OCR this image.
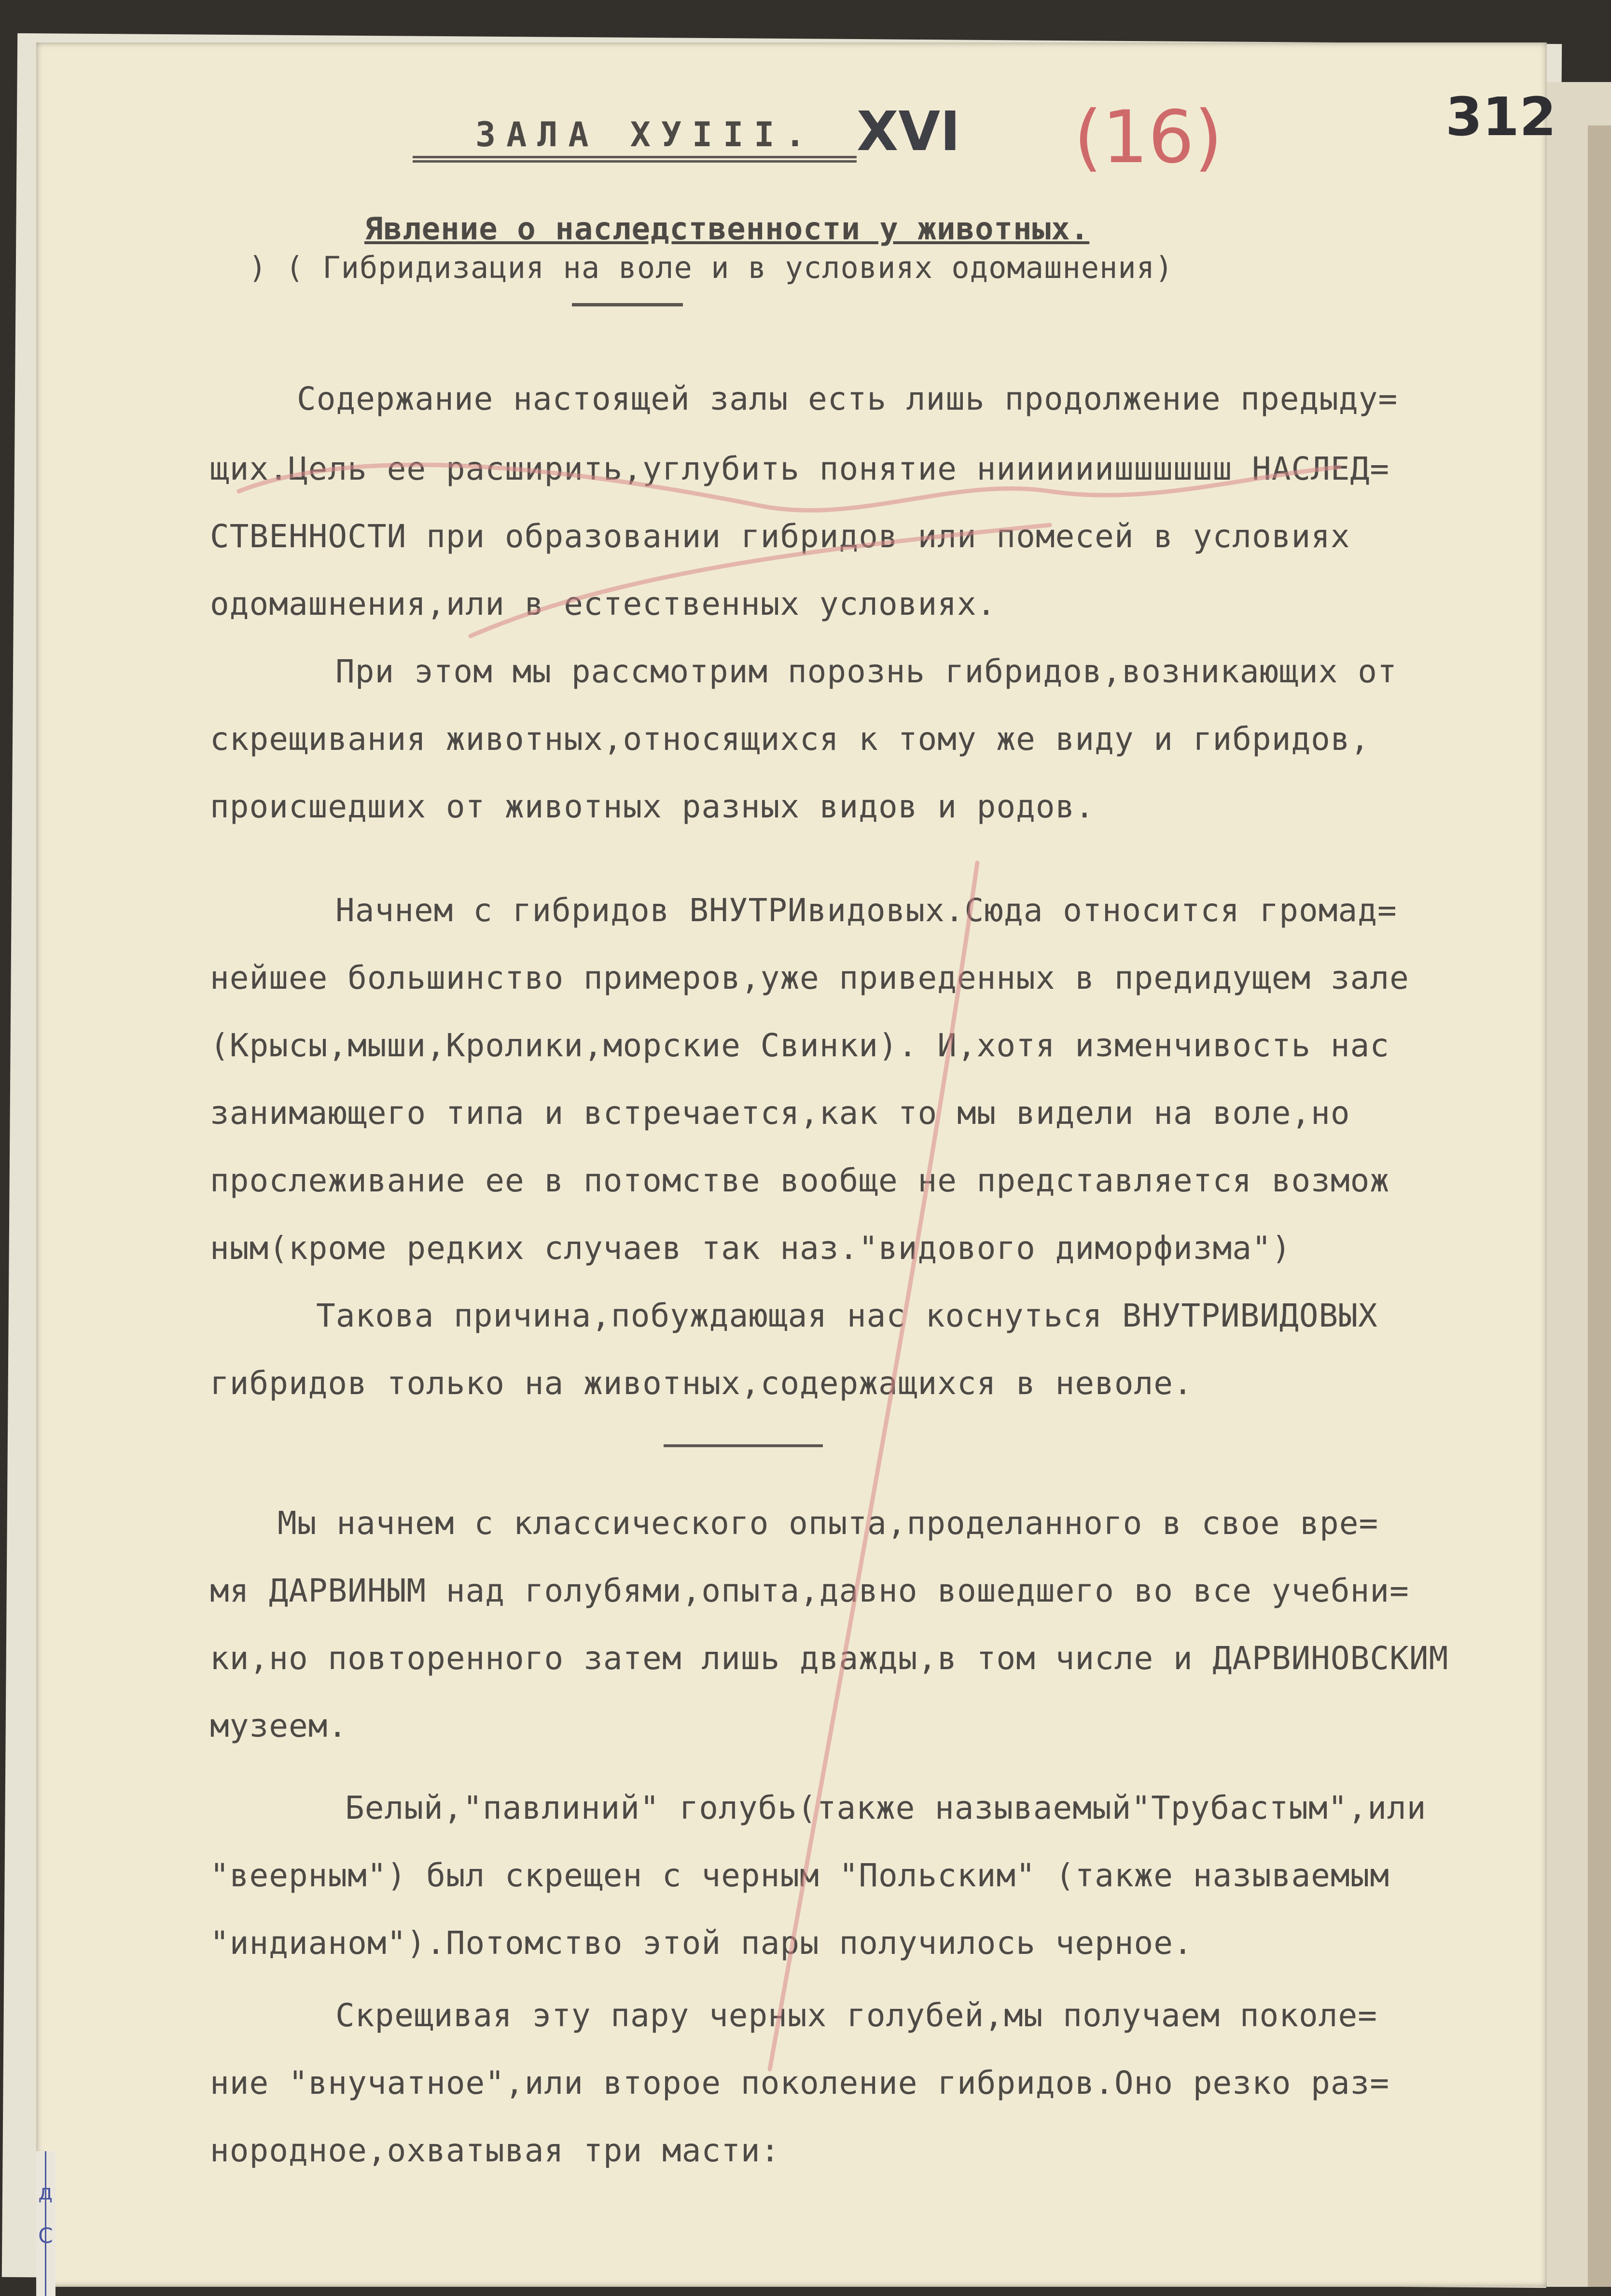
ЗАЛА ХУIII. XVI (16)	312
Явление о наследственности у животных.
) ( Гибридизация на воле и в условиях одомашнения)
Содержание настоящей залы есть лишь продолжение предыду=
щих.Цель ее расширить,углубить понятие ниииииишшшшшш НАСЛЕД=
СТВЕННОСТИ при образовании гибридов или помесей в условиях
одомашнения,или в естественных условиях.
При этом мы рассмотрим порознь гибридов,возникающих от
скрещивания животных,относящихся к тому же виду и гибридов,
происшедших от животных разных видов и родов.
Начнем с гибридов ВНУТРИвидовых.Сюда относится громад=
нейшее большинство примеров,уже приведенных в предидущем зале
(Крысы,мыши,Кролики,морские Свинки). И,хотя изменчивость нас
занимающего типа и встречается,как то мы видели на воле,но
прослеживание ее в потомстве вообще не представляется возмож
ным(кроме редких случаев так наз."видового диморфизма")
Такова причина,побуждающая нас коснуться ВНУТРИВИДОВЫХ
гибридов только на животных,содержащихся в неволе.
Мы начнем с классического опыта,проделанного в свое вре=
мя ДАРВИНЫМ над голубями,опыта,давно вошедшего во все учебни=
ки,но повторенного затем лишь дважды,в том числе и ДАРВИНОВСКИМ
музеем.
Белый,"павлиний" голубь(также называемый"Трубастым",или
"веерным") был скрещен с черным "Польским" (также называемым
"индианом").Потомство этой пары получилось черное.
Скрещивая эту пару черных голубей,мы получаем поколе=
ние "внучатное",или второе поколение гибридов.Оно резко раз=
нородное,охватывая три масти:
д
С
